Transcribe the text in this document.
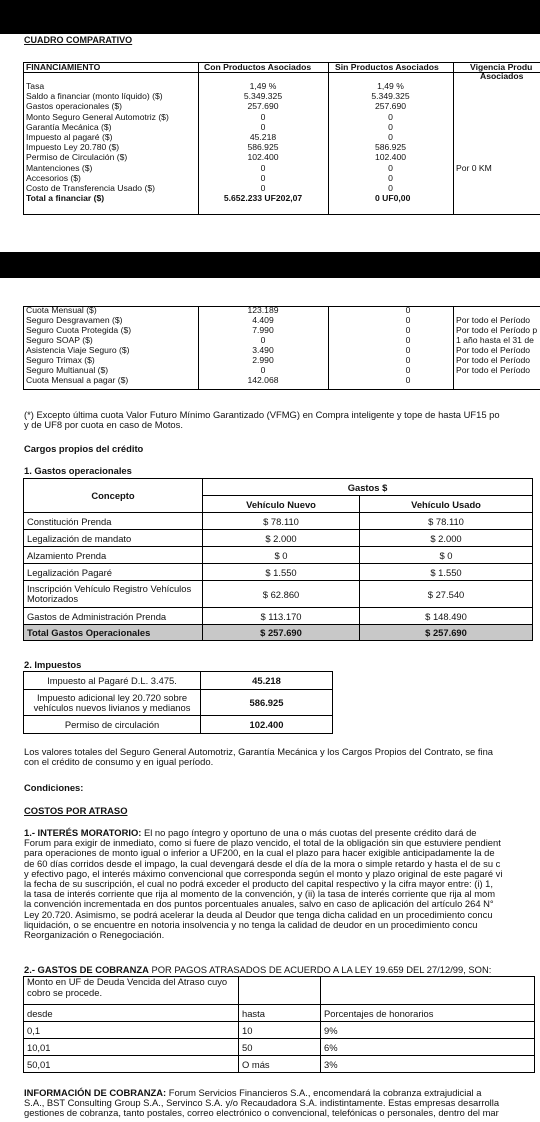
CUADRO COMPARATIVO
FINANCIAMIENTO	Con Productos Asociados	Sin Productos Asociados	Vigencia Produ
Asociados
Tasa	1,49 %	1,49 %
Saldo a financiar (monto líquido) ($)	5.349.325	5.349.325
Gastos operacionales ($)	257.690	257.690
Monto Seguro General Automotriz ($)	0	0
Garantía Mecánica ($)	0	0
Impuesto al pagaré ($)	45.218	0
Impuesto Ley 20.780 ($)	586.925	586.925
Permiso de Circulación ($)	102.400	102.400
Mantenciones ($)	0	0	Por 0 KM
Accesorios ($)	0	0
Costo de Transferencia Usado ($)	0	0
Total a financiar ($)	5.652.233 UF202,07	0 UF0,00
Cuota Mensual ($)	123.189	0
Seguro Desgravamen ($)	4.409	0	Por todo el Período
Seguro Cuota Protegida ($)	7.990	0	Por todo el Período p
Seguro SOAP ($)	0	0	1 año hasta el 31 de
Asistencia Viaje Seguro ($)	3.490	0	Por todo el Período
Seguro Trimax ($)	2.990	0	Por todo el Período
Seguro Multianual ($)	0	0	Por todo el Período
Cuota Mensual a pagar ($)	142.068	0
(*) Excepto última cuota Valor Futuro Mínimo Garantizado (VFMG) en Compra inteligente y tope de hasta UF15 po
y de UF8 por cuota en caso de Motos.
Cargos propios del crédito
1. Gastos operacionales
Concepto	Gastos $	
	Vehículo Nuevo	Vehículo Usado
Constitución Prenda	$ 78.110	$ 78.110
Legalización de mandato	$ 2.000	$ 2.000
Alzamiento Prenda	$ 0	$ 0
Legalización Pagaré	$ 1.550	$ 1.550
Inscripción Vehículo Registro Vehículos Motorizados	$ 62.860	$ 27.540
Gastos de Administración Prenda	$ 113.170	$ 148.490
Total Gastos Operacionales	$ 257.690	$ 257.690
2. Impuestos
Impuesto al Pagaré D.L. 3.475.	45.218
Impuesto adicional ley 20.720 sobre vehículos nuevos livianos y medianos	586.925
Permiso de circulación	102.400
Los valores totales del Seguro General Automotriz, Garantía Mecánica y los Cargos Propios del Contrato, se fina
con el crédito de consumo y en igual período.
Condiciones:
COSTOS POR ATRASO
1.- INTERÉS MORATORIO: El no pago íntegro y oportuno de una o más cuotas del presente crédito dará de
Forum para exigir de inmediato, como si fuere de plazo vencido, el total de la obligación sin que estuviere pendient
para operaciones de monto igual o inferior a UF200, en la cual el plazo para hacer exigible anticipadamente la de
de 60 días corridos desde el impago, la cual devengará desde el día de la mora o simple retardo y hasta el de su c
y efectivo pago, el interés máximo convencional que corresponda según el monto y plazo original de este pagaré vi
la fecha de su suscripción, el cual no podrá exceder el producto del capital respectivo y la cifra mayor entre: (i) 1,
la tasa de interés corriente que rija al momento de la convención, y (ii) la tasa de interés corriente que rija al mom
la convención incrementada en dos puntos porcentuales anuales, salvo en caso de aplicación del artículo 264 N°
Ley 20.720. Asimismo, se podrá acelerar la deuda al Deudor que tenga dicha calidad en un procedimiento concu
liquidación, o se encuentre en notoria insolvencia y no tenga la calidad de deudor en un procedimiento concu
Reorganización o Renegociación.
2.- GASTOS DE COBRANZA POR PAGOS ATRASADOS DE ACUERDO A LA LEY 19.659 DEL 27/12/99, SON:
Monto en UF de Deuda Vencida del Atraso cuyo cobro se procede.		
desde	hasta	Porcentajes de honorarios
0,1	10	9%
10,01	50	6%
50,01	O más	3%
INFORMACIÓN DE COBRANZA: Forum Servicios Financieros S.A., encomendará la cobranza extrajudicial a
S.A., BST Consulting Group S.A., Servinco S.A. y/o Recaudadora S.A. indistintamente. Estas empresas desarrolla
gestiones de cobranza, tanto postales, correo electrónico o convencional, telefónicas o personales, dentro del mar
